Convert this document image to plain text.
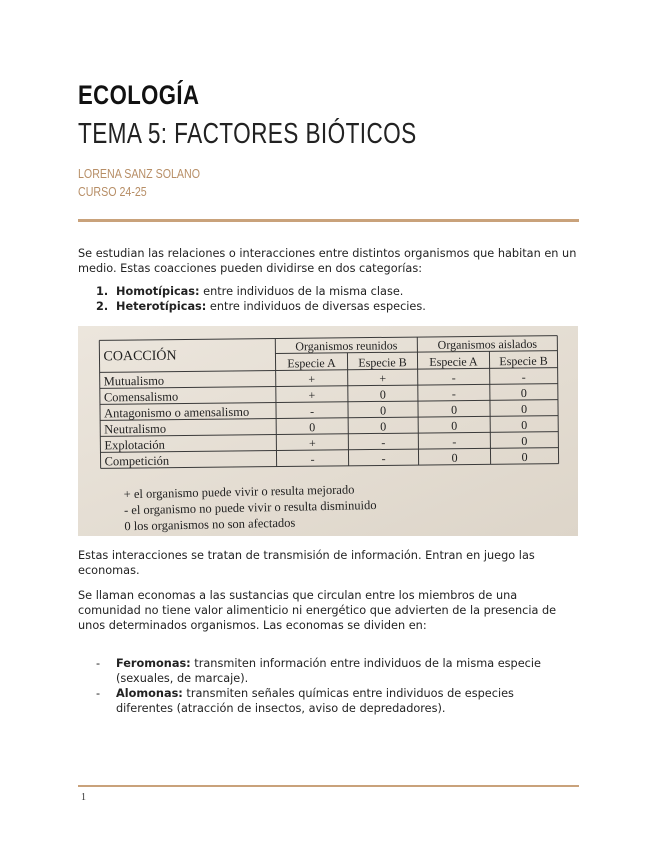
ECOLOGÍA
TEMA 5: FACTORES BIÓTICOS
LORENA SANZ SOLANO
CURSO 24-25
Se estudian las relaciones o interacciones entre distintos organismos que habitan en un medio. Estas coacciones pueden dividirse en dos categorías:
1. Homotípicas: entre individuos de la misma clase.
2. Heterotípicas: entre individuos de diversas especies.
COACCIÓN
Organismos reunidos	Organismos aislados
Especie A Especie B Especie A Especie B
Mutualismo	+	+	-	-
Comensalismo	+	0	-	0
Antagonismo o amensalismo	-	0	0	0
Neutralismo	0	0	0	0
Explotación	+	-	-	0
Competición	-	-	0	0
+ el organismo puede vivir o resulta mejorado
- el organismo no puede vivir o resulta disminuido
0 los organismos no son afectados
Estas interacciones se tratan de transmisión de información. Entran en juego las economas.
Se llaman economas a las sustancias que circulan entre los miembros de una comunidad no tiene valor alimenticio ni energético que advierten de la presencia de unos determinados organismos. Las economas se dividen en:
- Feromonas: transmiten información entre individuos de la misma especie (sexuales, de marcaje).
- Alomonas: transmiten señales químicas entre individuos de especies diferentes (atracción de insectos, aviso de depredadores).
1
